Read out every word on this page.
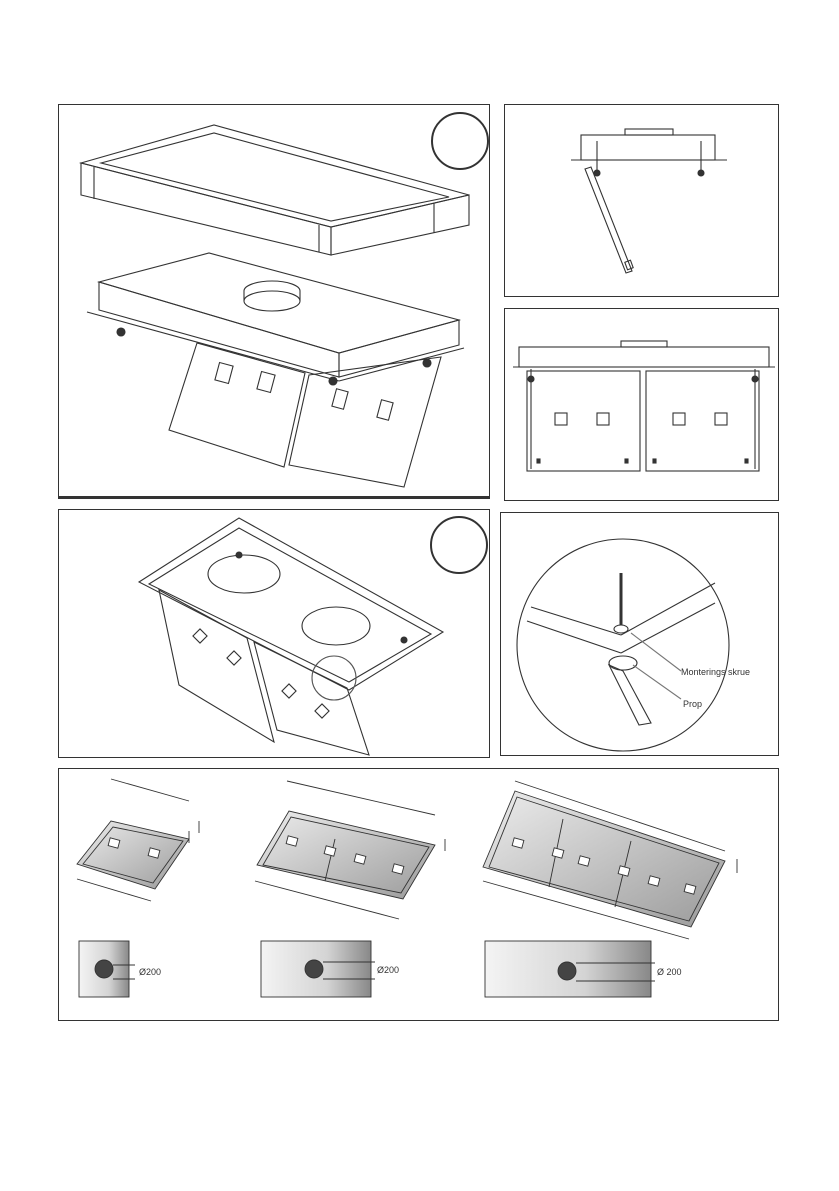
Monterings skrue
Prop
Ø200	Ø200	Ø 200
